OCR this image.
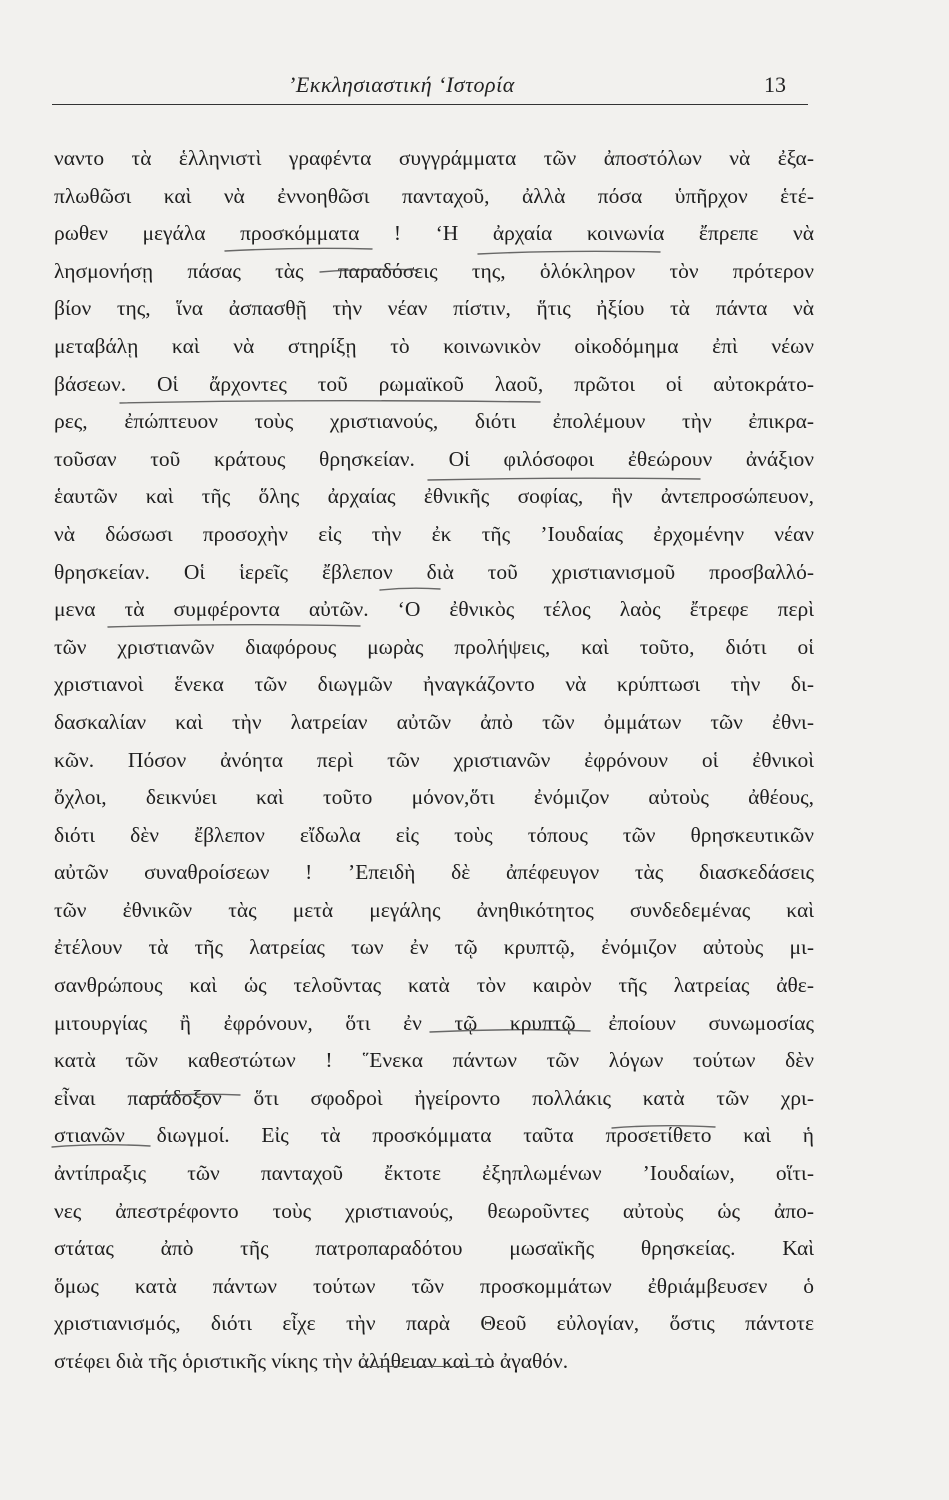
’Εκκλησιαστική ‘Ιστορία	13
ναντο τὰ ἑλληνιστὶ γραφέντα συγγράμματα τῶν ἀποστόλων νὰ ἐξα-
πλωθῶσι καὶ νὰ ἐννοηθῶσι πανταχοῦ, ἀλλὰ πόσα ὑπῆρχον ἑτέ-
ρωθεν μεγάλα προσκόμματα ! ‘Η ἀρχαία κοινωνία ἔπρεπε νὰ
λησμονήσῃ πάσας τὰς παραδόσεις της, ὁλόκληρον τὸν πρότερον
βίον της, ἵνα ἀσπασθῇ τὴν νέαν πίστιν, ἥτις ἠξίου τὰ πάντα νὰ
μεταβάλῃ καὶ νὰ στηρίξῃ τὸ κοινωνικὸν οἰκοδόμημα ἐπὶ νέων
βάσεων. Οἱ ἄρχοντες τοῦ ρωμαϊκοῦ λαοῦ, πρῶτοι οἱ αὐτοκράτο-
ρες, ἐπώπτευον τοὺς χριστιανούς, διότι ἐπολέμουν τὴν ἐπικρα-
τοῦσαν τοῦ κράτους θρησκείαν. Οἱ φιλόσοφοι ἐθεώρουν ἀνάξιον
ἑαυτῶν καὶ τῆς ὅλης ἀρχαίας ἐθνικῆς σοφίας, ἣν ἀντεπροσώπευον,
νὰ δώσωσι προσοχὴν εἰς τὴν ἐκ τῆς ’Ιουδαίας ἐρχομένην νέαν
θρησκείαν. Οἱ ἱερεῖς ἔβλεπον διὰ τοῦ χριστιανισμοῦ προσβαλλό-
μενα τὰ συμφέροντα αὐτῶν. ‘Ο ἐθνικὸς τέλος λαὸς ἔτρεφε περὶ
τῶν χριστιανῶν διαφόρους μωρὰς προλήψεις, καὶ τοῦτο, διότι οἱ
χριστιανοὶ ἕνεκα τῶν διωγμῶν ἠναγκάζοντο νὰ κρύπτωσι τὴν δι-
δασκαλίαν καὶ τὴν λατρείαν αὐτῶν ἀπὸ τῶν ὀμμάτων τῶν ἐθνι-
κῶν. Πόσον ἀνόητα περὶ τῶν χριστιανῶν ἐφρόνουν οἱ ἐθνικοὶ
ὄχλοι, δεικνύει καὶ τοῦτο μόνον,ὅτι ἐνόμιζον αὐτοὺς ἀθέους,
διότι δὲν ἔβλεπον εἴδωλα εἰς τοὺς τόπους τῶν θρησκευτικῶν
αὐτῶν συναθροίσεων ! ’Επειδὴ δὲ ἀπέφευγον τὰς διασκεδάσεις
τῶν ἐθνικῶν τὰς μετὰ μεγάλης ἀνηθικότητος συνδεδεμένας καὶ
ἐτέλουν τὰ τῆς λατρείας των ἐν τῷ κρυπτῷ, ἐνόμιζον αὐτοὺς μι-
σανθρώπους καὶ ὡς τελοῦντας κατὰ τὸν καιρὸν τῆς λατρείας ἀθε-
μιτουργίας ἢ ἐφρόνουν, ὅτι ἐν τῷ κρυπτῷ ἐποίουν συνωμοσίας
κατὰ τῶν καθεστώτων ! ῞Ενεκα πάντων τῶν λόγων τούτων δὲν
εἶναι παράδοξον ὅτι σφοδροὶ ἠγείροντο πολλάκις κατὰ τῶν χρι-
στιανῶν διωγμοί. Εἰς τὰ προσκόμματα ταῦτα προσετίθετο καὶ ἡ
ἀντίπραξις τῶν πανταχοῦ ἔκτοτε ἐξηπλωμένων ’Ιουδαίων, οἵτι-
νες ἀπεστρέφοντο τοὺς χριστιανούς, θεωροῦντες αὐτοὺς ὡς ἀπο-
στάτας ἀπὸ τῆς πατροπαραδότου μωσαϊκῆς θρησκείας. Καὶ
ὅμως κατὰ πάντων τούτων τῶν προσκομμάτων ἐθριάμβευσεν ὁ
χριστιανισμός, διότι εἶχε τὴν παρὰ Θεοῦ εὐλογίαν, ὅστις πάντοτε
στέφει διὰ τῆς ὁριστικῆς νίκης τὴν ἀλήθειαν καὶ τὸ ἀγαθόν.
